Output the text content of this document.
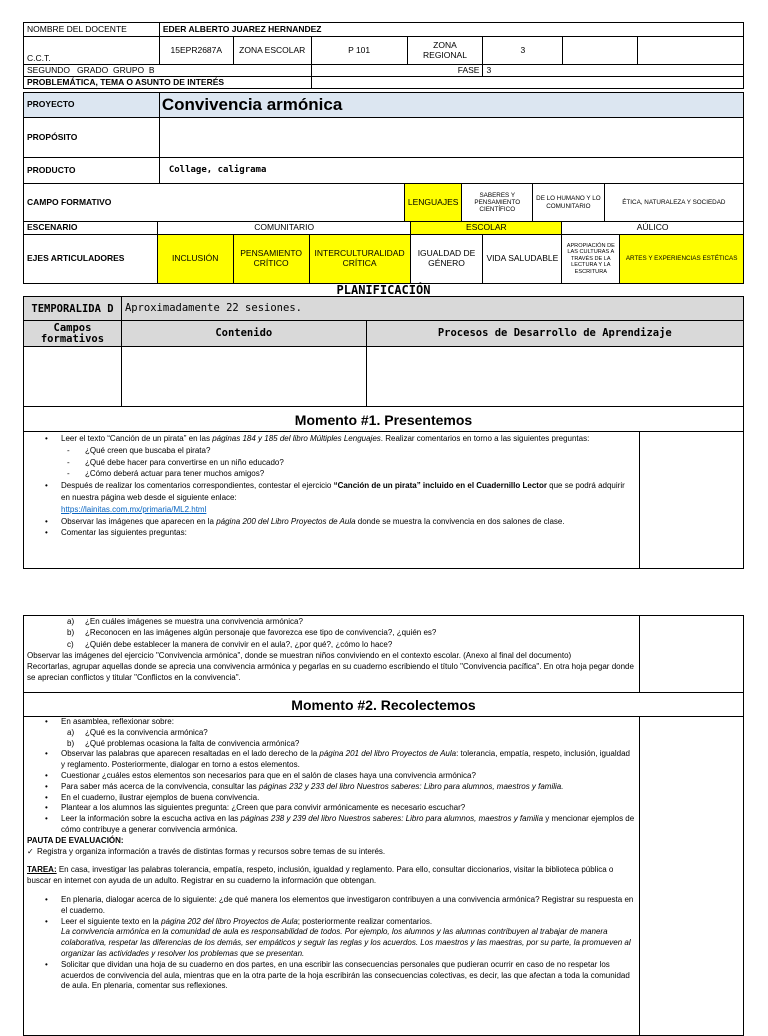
NOMBRE DEL DOCENTE	EDER ALBERTO JUAREZ HERNANDEZ						
C.C.T.	15EPR2687A	ZONA ESCOLAR	P 101	ZONA REGIONAL	3		
SEGUNDO   GRADO  GRUPO  B			FASE		3		
PROBLEMÁTICA, TEMA O ASUNTO DE INTERÉS							
PROYECTO	Convivencia armónica
PROPÓSITO	
PRODUCTO	Collage, caligrama
CAMPO FORMATIVO	LENGUAJES	SABERES Y PENSAMIENTO CIENTÍFICO	DE LO HUMANO Y LO COMUNITARIO	ÉTICA, NATURALEZA Y SOCIEDAD
ESCENARIO	COMUNITARIO	ESCOLAR	AÚLICO
EJES ARTICULADORES	INCLUSIÓN	PENSAMIENTO CRÍTICO	INTERCULTURALIDAD CRÍTICA	IGUALDAD DE GÉNERO	VIDA SALUDABLE	APROPIACIÓN DE LAS CULTURAS A TRAVÉS DE LA LECTURA Y LA ESCRITURA	ARTES Y EXPERIENCIAS ESTÉTICAS
PLANIFICACIÓN
TEMPORALIDA D	Aproximadamente 22 sesiones.	
Campos formativos	Contenido	Procesos de Desarrollo de Aprendizaje

Momento #1. Presentemos
• Leer el texto “Canción de un pirata” en las páginas 184 y 185 del libro Múltiples Lenguajes. Realizar comentarios en torno a las siguientes preguntas:
- ¿Qué creen que buscaba el pirata?
- ¿Qué debe hacer para convertirse en un niño educado?
- ¿Cómo deberá actuar para tener muchos amigos?
• Después de realizar los comentarios correspondientes, contestar el ejercicio “Canción de un pirata” incluido en el Cuadernillo Lector que se podrá adquirir en nuestra página web desde el siguiente enlace:
https://lainitas.com.mx/primaria/ML2.html
• Observar las imágenes que aparecen en la página 200 del Libro Proyectos de Aula donde se muestra la convivencia en dos salones de clase.
• Comentar las siguientes preguntas:
a) ¿En cuáles imágenes se muestra una convivencia armónica?
b) ¿Reconocen en las imágenes algún personaje que favorezca ese tipo de convivencia?, ¿quién es?
c) ¿Quién debe establecer la manera de convivir en el aula?, ¿por qué?, ¿cómo lo hace?
Observar las imágenes del ejercicio "Convivencia armónica", donde se muestran niños conviviendo en el contexto escolar. (Anexo al final del documento)
Recortarlas, agrupar aquellas donde se aprecia una convivencia armónica y pegarlas en su cuaderno escribiendo el título "Convivencia pacífica". En otra hoja pegar donde se aprecian conflictos y titular "Conflictos en la convivencia".
Momento #2. Recolectemos
• En asamblea, reflexionar sobre:
a) ¿Qué es la convivencia armónica?
b) ¿Qué problemas ocasiona la falta de convivencia armónica?
• Observar las palabras que aparecen resaltadas en el lado derecho de la página 201 del libro Proyectos de Aula: tolerancia, empatía, respeto, inclusión, igualdad y reglamento. Posteriormente, dialogar en torno a estos elementos.
• Cuestionar ¿cuáles estos elementos son necesarios para que en el salón de clases haya una convivencia armónica?
• Para saber más acerca de la convivencia, consultar las páginas 232 y 233 del libro Nuestros saberes: Libro para alumnos, maestros y familia.
• En el cuaderno, ilustrar ejemplos de buena convivencia.
• Plantear a los alumnos las siguientes pregunta: ¿Creen que para convivir armónicamente es necesario escuchar?
• Leer la información sobre la escucha activa en las páginas 238 y 239 del libro Nuestros saberes: Libro para alumnos, maestros y familia y mencionar ejemplos de cómo contribuye a generar convivencia armónica.
PAUTA DE EVALUACIÓN:
✓ Registra y organiza información a través de distintas formas y recursos sobre temas de su interés.
TAREA: En casa, investigar las palabras tolerancia, empatía, respeto, inclusión, igualdad y reglamento. Para ello, consultar diccionarios, visitar la biblioteca pública o buscar en internet con ayuda de un adulto. Registrar en su cuaderno la información que obtengan.
• En plenaria, dialogar acerca de lo siguiente: ¿de qué manera los elementos que investigaron contribuyen a una convivencia armónica? Registrar su respuesta en el cuaderno.
• Leer el siguiente texto en la página 202 del libro Proyectos de Aula; posteriormente realizar comentarios.
La convivencia armónica en la comunidad de aula es responsabilidad de todos. Por ejemplo, los alumnos y las alumnas contribuyen al trabajar de manera colaborativa, respetar las diferencias de los demás, ser empáticos y seguir las reglas y los acuerdos. Los maestros y las maestras, por su parte, la promueven al organizar las actividades y resolver los problemas que se presentan.
• Solicitar que dividan una hoja de su cuaderno en dos partes, en una escribir las consecuencias personales que pudieran ocurrir en caso de no respetar los acuerdos de convivencia del aula, mientras que en la otra parte de la hoja escribirán las consecuencias colectivas, es decir, las que afectan a toda la comunidad de aula. En plenaria, comentar sus reflexiones.
